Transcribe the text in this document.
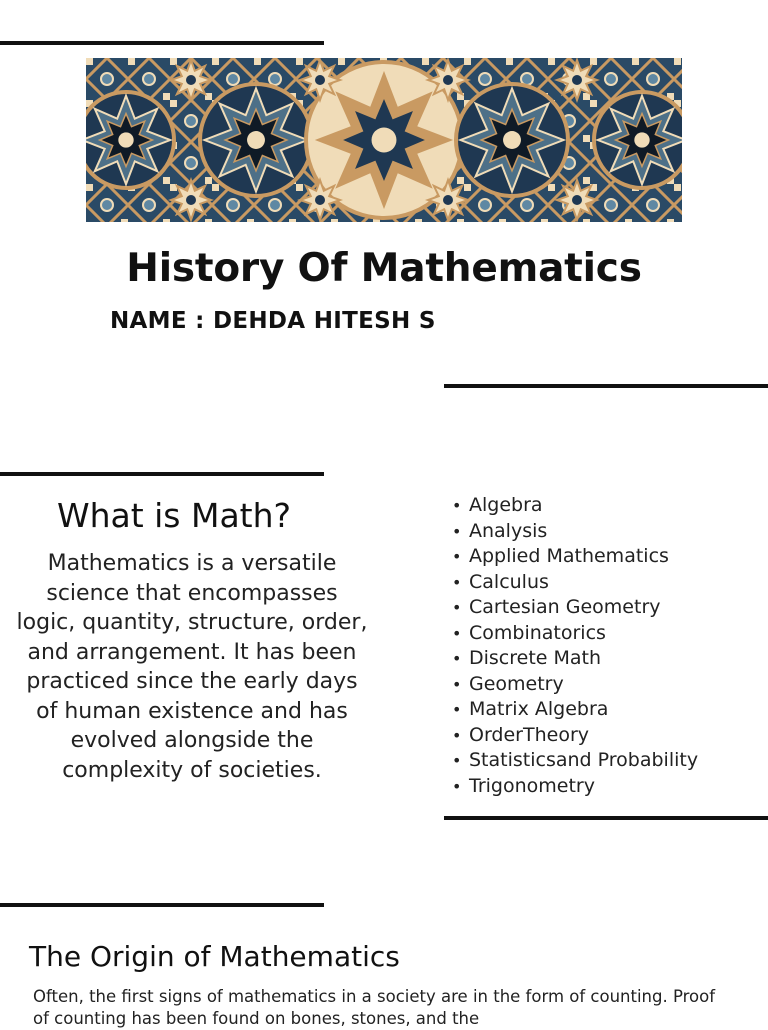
History Of Mathematics

NAME : DEHDA HITESH S

What is Math?

Mathematics is a versatile science that encompasses logic, quantity, structure, order, and arrangement. It has been practiced since the early days of human existence and has evolved alongside the complexity of societies.

• Algebra
• Analysis
• Applied Mathematics
• Calculus
• Cartesian Geometry
• Combinatorics
• Discrete Math
• Geometry
• Matrix Algebra
• OrderTheory
• Statisticsand Probability
• Trigonometry
The Origin of Mathematics

Often, the first signs of mathematics in a society are in the form of counting. Proof of counting has been found on bones, stones, and the
